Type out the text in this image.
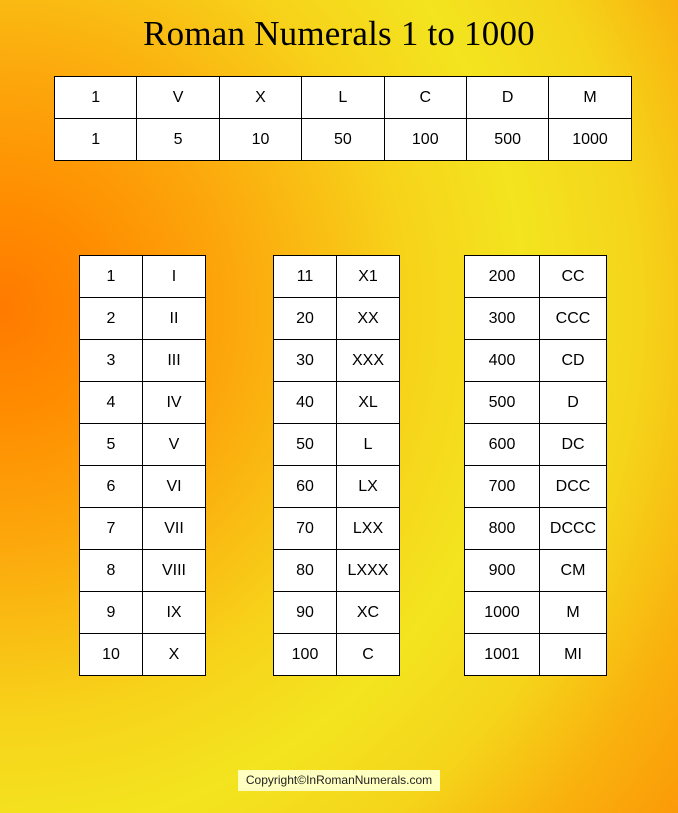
Roman Numerals 1 to 1000
1	V	X	L	C	D	M
1	5	10	50	100	500	1000
1	I
2	II
3	III
4	IV
5	V
6	VI
7	VII
8	VIII
9	IX
10	X
11	X1
20	XX
30	XXX
40	XL
50	L
60	LX
70	LXX
80	LXXX
90	XC
100	C
200	CC
300	CCC
400	CD
500	D
600	DC
700	DCC
800	DCCC
900	CM
1000	M
1001	MI
Copyright©InRomanNumerals.com
